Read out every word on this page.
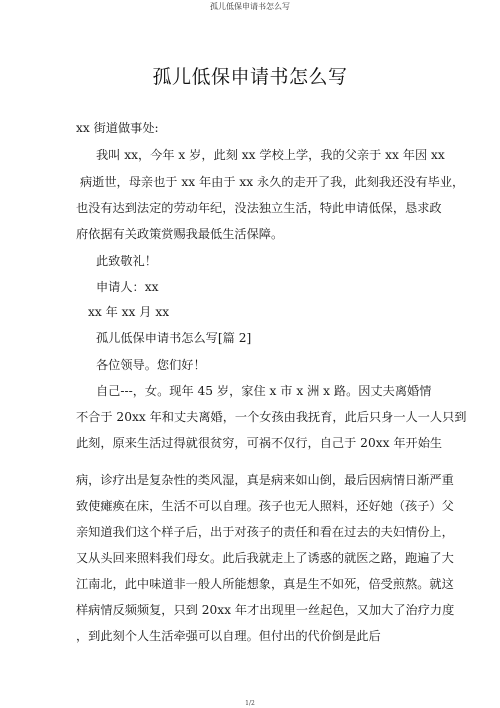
孤儿低保申请书怎么写
孤儿低保申请书怎么写
xx 街道做事处:
我叫 xx，今年 x 岁，此刻 xx 学校上学，我的父亲于 xx 年因 xx
病逝世，母亲也于 xx 年由于 xx 永久的走开了我，此刻我还没有毕业，
也没有达到法定的劳动年纪，没法独立生活，特此申请低保，恳求政
府依据有关政策赏赐我最低生活保障。
此致敬礼！
申请人：xx
xx 年 xx 月 xx
孤儿低保申请书怎么写[篇 2]
各位领导。您们好！
自己---，女。现年 45 岁，家住 x 市 x 洲 x 路。因丈夫离婚情
不合于 20xx 年和丈夫离婚，一个女孩由我抚育，此后只身一人一人只到
此刻，原来生活过得就很贫穷，可祸不仅行，自己于 20xx 年开始生
病，诊疗出是复杂性的类风湿，真是病来如山倒，最后因病情日渐严重
致使瘫痪在床，生活不可以自理。孩子也无人照料，还好她（孩子）父
亲知道我们这个样子后，出于对孩子的责任和看在过去的夫妇情份上，
又从头回来照料我们母女。此后我就走上了诱惑的就医之路，跑遍了大
江南北，此中味道非一般人所能想象，真是生不如死，倍受煎熬。就这
样病情反频频复，只到 20xx 年才出现里一丝起色，又加大了治疗力度
，到此刻个人生活牵强可以自理。但付出的代价倒是此后
1/2
